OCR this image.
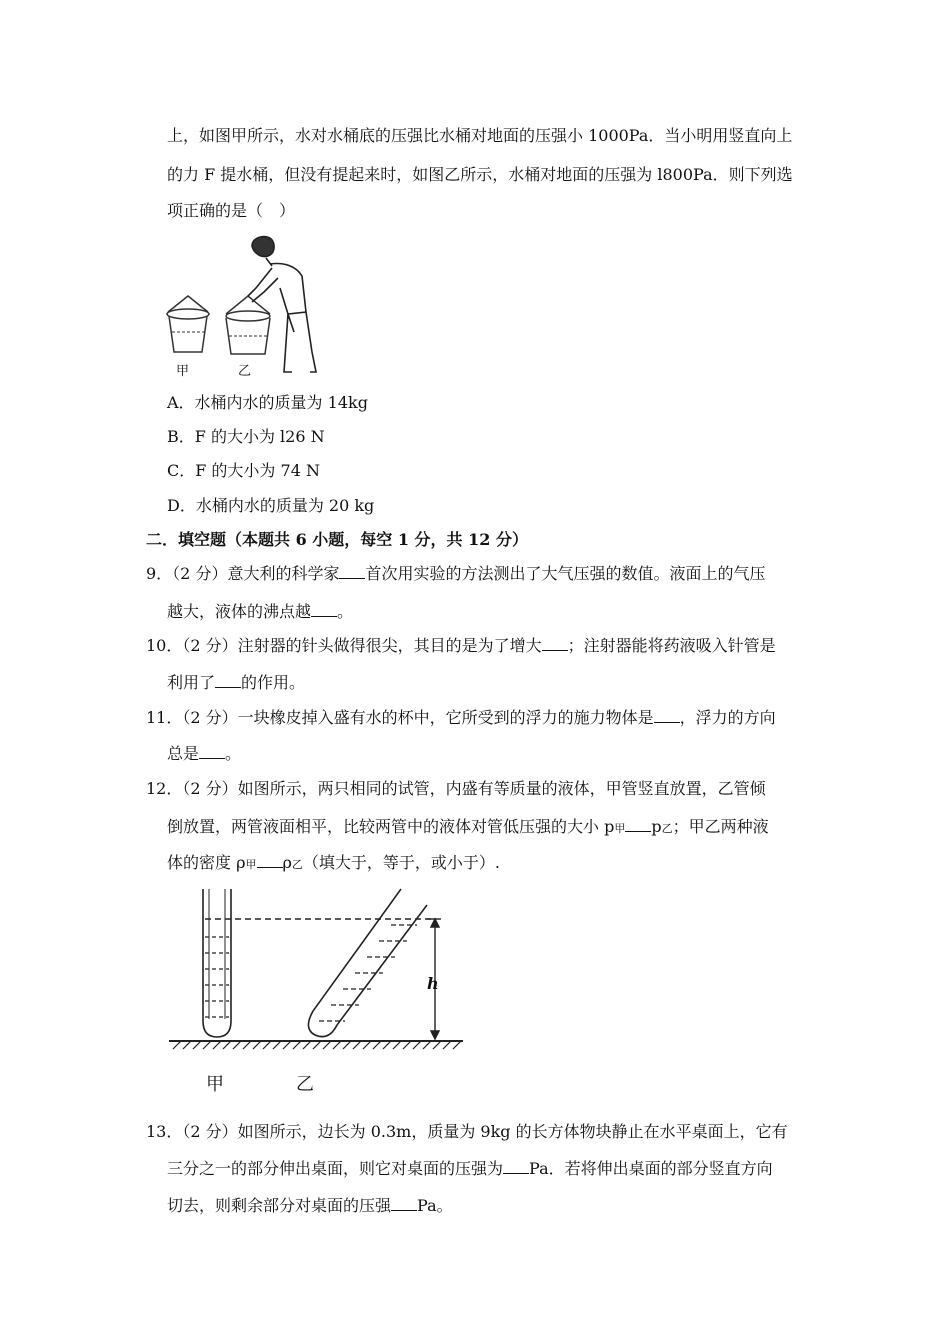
上，如图甲所示，水对水桶底的压强比水桶对地面的压强小 1000Pa．当小明用竖直向上
的力 F 提水桶，但没有提起来时，如图乙所示，水桶对地面的压强为 l800Pa．则下列选
项正确的是（　）
甲	乙
A．水桶内水的质量为 14kg
B．F 的大小为 l26 N
C．F 的大小为 74 N
D．水桶内水的质量为 20 kg
二．填空题（本题共 6 小题，每空 1 分，共 12 分）
9．（2 分）意大利的科学家 首次用实验的方法测出了大气压强的数值。液面上的气压
越大，液体的沸点越 。
10．（2 分）注射器的针头做得很尖，其目的是为了增大 ；注射器能将药液吸入针管是
利用了 的作用。
11．（2 分）一块橡皮掉入盛有水的杯中，它所受到的浮力的施力物体是 ，浮力的方向
总是 。
12．（2 分）如图所示，两只相同的试管，内盛有等质量的液体，甲管竖直放置，乙管倾
倒放置，两管液面相平，比较两管中的液体对管低压强的大小 p甲 p乙；甲乙两种液
体的密度 ρ甲 ρ乙（填大于，等于，或小于）.
h
甲	乙
13．（2 分）如图所示，边长为 0.3m，质量为 9kg 的长方体物块静止在水平桌面上，它有
三分之一的部分伸出桌面，则它对桌面的压强为 Pa．若将伸出桌面的部分竖直方向
切去，则剩余部分对桌面的压强 Pa。
